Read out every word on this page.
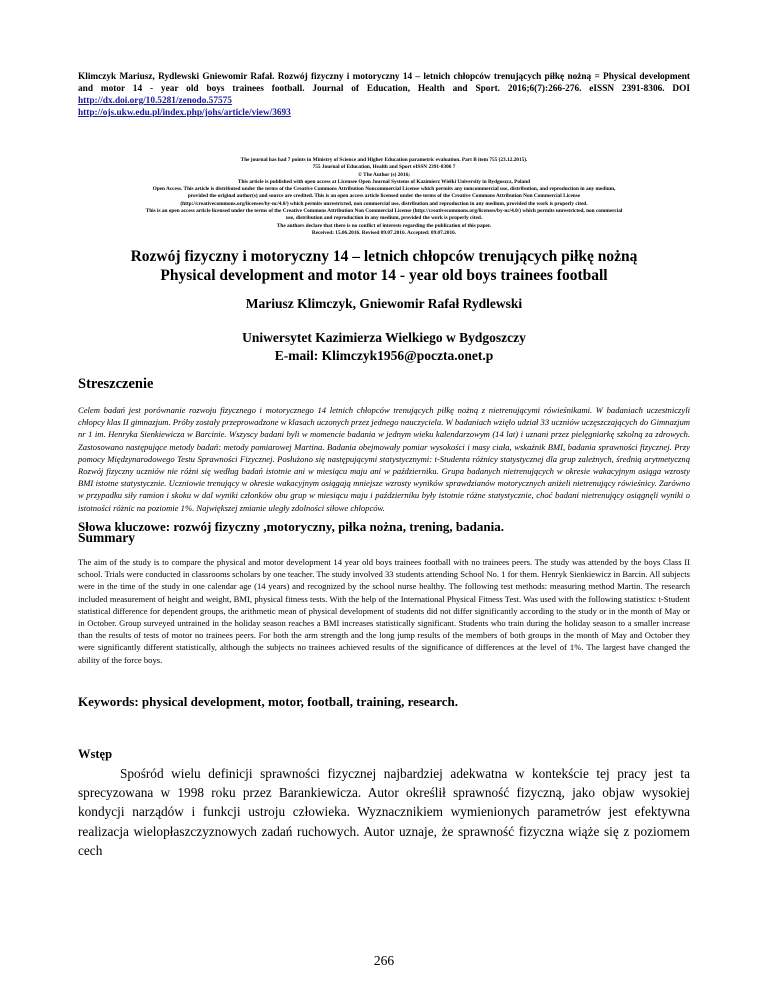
Klimczyk Mariusz, Rydlewski Gniewomir Rafał. Rozwój fizyczny i motoryczny 14 – letnich chłopców trenujących piłkę nożną = Physical development and motor 14 - year old boys trainees football. Journal of Education, Health and Sport. 2016;6(7):266-276. eISSN 2391-8306. DOI http://dx.doi.org/10.5281/zenodo.57575
http://ojs.ukw.edu.pl/index.php/johs/article/view/3693
The journal has had 7 points in Ministry of Science and Higher Education parametric evaluation. Part B item 755 (23.12.2015).
755 Journal of Education, Health and Sport eISSN 2391-8306 7
© The Author (s) 2016;
This article is published with open access at Licensee Open Journal Systems of Kazimierz Wielki University in Bydgoszcz, Poland
Open Access. This article is distributed under the terms of the Creative Commons Attribution Noncommercial License which permits any noncommercial use, distribution, and reproduction in any medium,
provided the original author(s) and source are credited. This is an open access article licensed under the terms of the Creative Commons Attribution Non Commercial License
(http://creativecommons.org/licenses/by-nc/4.0/) which permits unrestricted, non commercial use, distribution and reproduction in any medium, provided the work is properly cited.
This is an open access article licensed under the terms of the Creative Commons Attribution Non Commercial License (http://creativecommons.org/licenses/by-nc/4.0/) which permits unrestricted, non commercial
use, distribution and reproduction in any medium, provided the work is properly cited.
The authors declare that there is no conflict of interests regarding the publication of this paper.
Received: 15.06.2016. Revised 09.07.2016. Accepted: 09.07.2016.
Rozwój fizyczny i motoryczny 14 – letnich chłopców trenujących piłkę nożną
Physical development and motor 14 - year old boys trainees football
Mariusz Klimczyk, Gniewomir Rafał Rydlewski
Uniwersytet Kazimierza Wielkiego w Bydgoszczy
E-mail: Klimczyk1956@poczta.onet.p
Streszczenie
Celem badań jest porównanie rozwoju fizycznego i motorycznego 14 letnich chłopców trenujących piłkę nożną z nietrenującymi rówieśnikami. W badaniach uczestniczyli chłopcy klas II gimnazjum. Próby zostały przeprowadzone w klasach uczonych przez jednego nauczyciela. W badaniach wzięło udział 33 uczniów uczęszczających do Gimnazjum nr 1 im. Henryka Sienkiewicza w Barcinie. Wszyscy badani byli w momencie badania w jednym wieku kalendarzowym (14 lat) i uznani przez pielęgniarkę szkolną za zdrowych. Zastosowano następujące metody badań: metody pomiarowej Martina. Badania obejmowały pomiar wysokości i masy ciała, wskaźnik BMI, badania sprawności fizycznej. Przy pomocy Międzynarodowego Testu Sprawności Fizycznej. Posłużono się następującymi statystycznymi: t-Studenta różnicy statystycznej dla grup zależnych, średnią arytmetyczną Rozwój fizyczny uczniów nie różni się według badań istotnie ani w miesiącu maju ani w październiku. Grupa badanych nietrenujących w okresie wakacyjnym osiąga wzrosty BMI istotne statystycznie. Uczniowie trenujący w okresie wakacyjnym osiągają mniejsze wzrosty wyników sprawdzianów motorycznych aniżeli nietrenujący rówieśnicy. Zarówno w przypadku siły ramion i skoku w dal wyniki członków obu grup w miesiącu maju i październiku były istotnie różne statystycznie, choć badani nietrenujący osiągnęli wyniki o istotności różnic na poziomie 1%. Największej zmianie uległy zdolności siłowe chłopców.
Słowa kluczowe: rozwój fizyczny ,motoryczny, piłka nożna, trening, badania.
Summary
The aim of the study is to compare the physical and motor development 14 year old boys trainees football with no trainees peers. The study was attended by the boys Class II school. Trials were conducted in classrooms scholars by one teacher. The study involved 33 students attending School No. 1 for them. Henryk Sienkiewicz in Barcin. All subjects were in the time of the study in one calendar age (14 years) and recognized by the school nurse healthy. The following test methods: measuring method Martin. The research included measurement of height and weight, BMI, physical fitness tests. With the help of the International Physical Fitness Test. Was used with the following statistics: t-Student statistical difference for dependent groups, the arithmetic mean of physical development of students did not differ significantly according to the study or in the month of May or in October. Group surveyed untrained in the holiday season reaches a BMI increases statistically significant. Students who train during the holiday season to a smaller increase than the results of tests of motor no trainees peers. For both the arm strength and the long jump results of the members of both groups in the month of May and October they were significantly different statistically, although the subjects no trainees achieved results of the significance of differences at the level of 1%. The largest have changed the ability of the force boys.
Keywords: physical development, motor, football, training, research.
Wstęp

Spośród wielu definicji sprawności fizycznej najbardziej adekwatna w kontekście tej pracy jest ta sprecyzowana w 1998 roku przez Barankiewicza. Autor określił sprawność fizyczną, jako objaw wysokiej kondycji narządów i funkcji ustroju człowieka. Wyznacznikiem wymienionych parametrów jest efektywna realizacja wielopłaszczyznowych zadań ruchowych. Autor uznaje, że sprawność fizyczna wiąże się z poziomem cech

266
